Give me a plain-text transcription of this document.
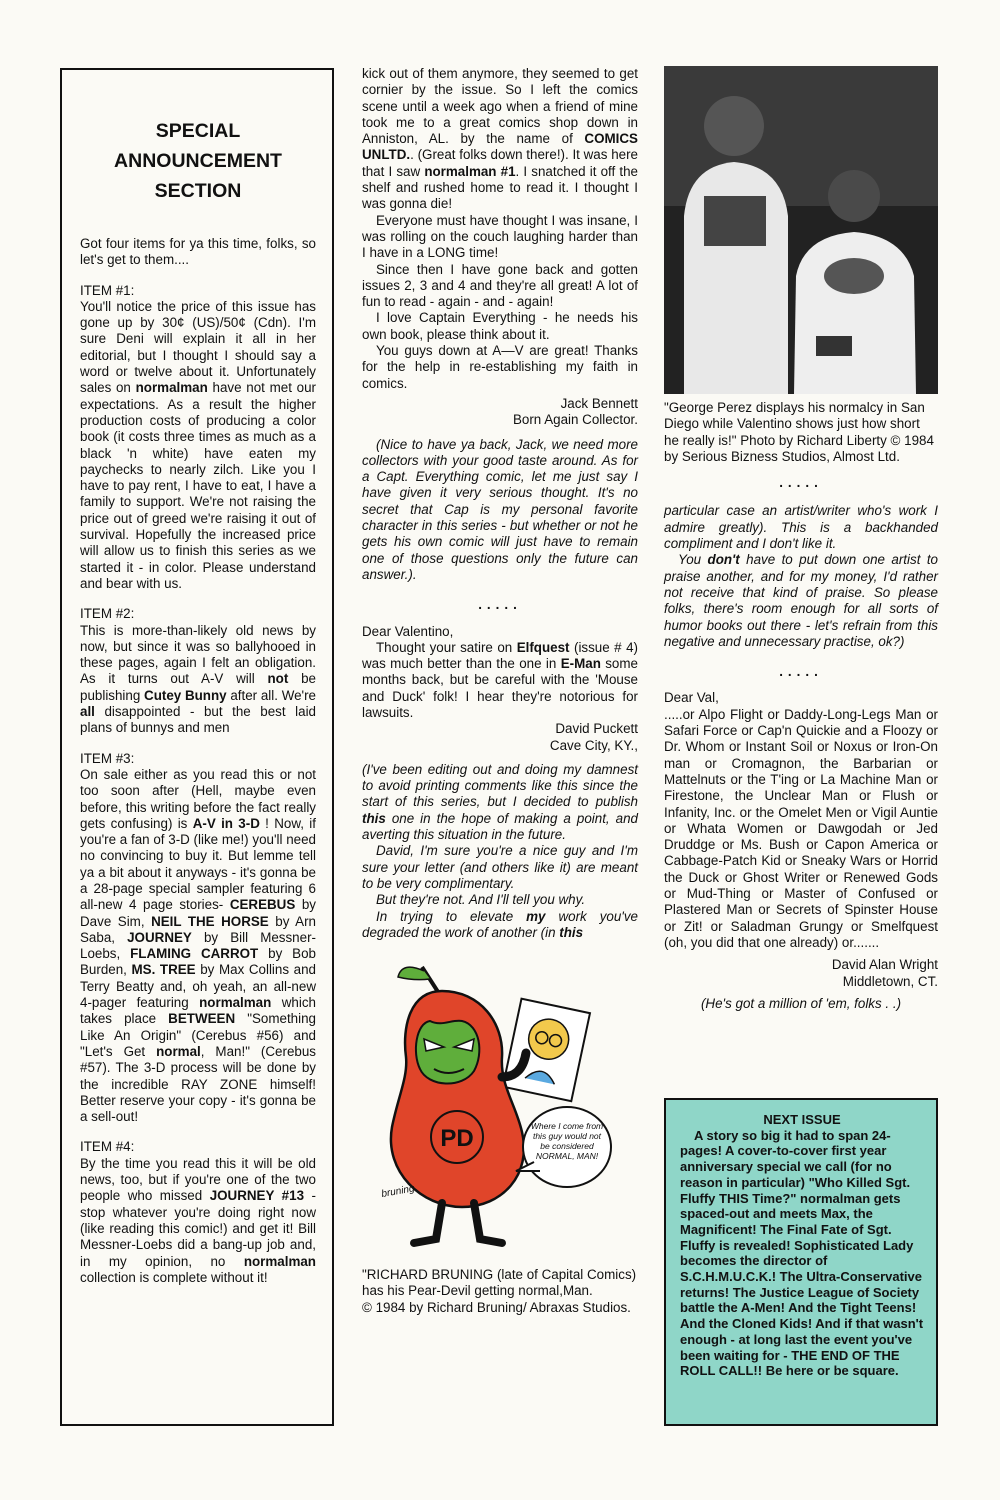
SPECIAL
ANNOUNCEMENT
SECTION

Got four items for ya this time, folks, so let's get to them....

ITEM #1:

You'll notice the price of this issue has gone up by 30¢ (US)/50¢ (Cdn). I'm sure Deni will explain it all in her editorial, but I thought I should say a word or twelve about it. Unfortunately sales on normalman have not met our expectations. As a result the higher production costs of producing a color book (it costs three times as much as a black 'n white) have eaten my paychecks to nearly zilch. Like you I have to pay rent, I have to eat, I have a family to support. We're not raising the price out of greed we're raising it out of survival. Hopefully the increased price will allow us to finish this series as we started it - in color. Please understand and bear with us.

ITEM #2:

This is more-than-likely old news by now, but since it was so ballyhooed in these pages, again I felt an obligation. As it turns out A-V will not be publishing Cutey Bunny after all. We're all disappointed - but the best laid plans of bunnys and men

ITEM #3:

On sale either as you read this or not too soon after (Hell, maybe even before, this writing before the fact really gets confusing) is A-V in 3-D ! Now, if you're a fan of 3-D (like me!) you'll need no convincing to buy it. But lemme tell ya a bit about it anyways - it's gonna be a 28-page special sampler featuring 6 all-new 4 page stories- CEREBUS by Dave Sim, NEIL THE HORSE by Arn Saba, JOURNEY by Bill Messner-Loebs, FLAMING CARROT by Bob Burden, MS. TREE by Max Collins and Terry Beatty and, oh yeah, an all-new 4-pager featuring normalman which takes place BETWEEN "Something Like An Origin" (Cerebus #56) and "Let's Get normal, Man!" (Cerebus #57). The 3-D process will be done by the incredible RAY ZONE himself! Better reserve your copy - it's gonna be a sell-out!

ITEM #4:

By the time you read this it will be old news, too, but if you're one of the two people who missed JOURNEY #13 - stop whatever you're doing right now (like reading this comic!) and get it! Bill Messner-Loebs did a bang-up job and, in my opinion, no normalman collection is complete without it!

kick out of them anymore, they seemed to get cornier by the issue. So I left the comics scene until a week ago when a friend of mine took me to a great comics shop down in Anniston, AL. by the name of COMICS UNLTD.. (Great folks down there!). It was here that I saw normalman #1. I snatched it off the shelf and rushed home to read it. I thought I was gonna die!

Everyone must have thought I was insane, I was rolling on the couch laughing harder than I have in a LONG time!

Since then I have gone back and gotten issues 2, 3 and 4 and they're all great! A lot of fun to read - again - and - again!

I love Captain Everything - he needs his own book, please think about it.

You guys down at A—V are great! Thanks for the help in re-establishing my faith in comics.

Jack Bennett

Born Again Collector.

(Nice to have ya back, Jack, we need more collectors with your good taste around. As for a Capt. Everything comic, let me just say I have given it very serious thought. It's no secret that Cap is my personal favorite character in this series - but whether or not he gets his own comic will just have to remain one of those questions only the future can answer.).

.....

Dear Valentino,

Thought your satire on Elfquest (issue # 4) was much better than the one in E-Man some months back, but be careful with the 'Mouse and Duck' folk! I hear they're notorious for lawsuits.

David Puckett

Cave City, KY.,

(I've been editing out and doing my damnest to avoid printing comments like this since the start of this series, but I decided to publish this one in the hope of making a point, and averting this situation in the future.

David, I'm sure you're a nice guy and I'm sure your letter (and others like it) are meant to be very complimentary.

But they're not. And I'll tell you why.

In trying to elevate my work you've degraded the work of another (in this

PD	Where I come from this guy would not be considered NORMAL, MAN!
bruning

"RICHARD BRUNING (late of Capital Comics) has his Pear-Devil getting normal,Man.

© 1984 by Richard Bruning/ Abraxas Studios.

"George Perez displays his normalcy in San Diego while Valentino shows just how short he really is!" Photo by Richard Liberty © 1984 by Serious Bizness Studios, Almost Ltd.

.....

particular case an artist/writer who's work I admire greatly). This is a backhanded compliment and I don't like it.

You don't have to put down one artist to praise another, and for my money, I'd rather not receive that kind of praise. So please folks, there's room enough for all sorts of humor books out there - let's refrain from this negative and unnecessary practise, ok?)

.....

Dear Val,

.....or Alpo Flight or Daddy-Long-Legs Man or Safari Force or Cap'n Quickie and a Floozy or Dr. Whom or Instant Soil or Noxus or Iron-On man or Cromagnon, the Barbarian or Mattelnuts or the T'ing or La Machine Man or Firestone, the Unclear Man or Flush or Infanity, Inc. or the Omelet Men or Vigil Auntie or Whata Women or Dawgodah or Jed Druddge or Ms. Bush or Capon America or Cabbage-Patch Kid or Sneaky Wars or Horrid the Duck or Ghost Writer or Renewed Gods or Mud-Thing or Master of Confused or Plastered Man or Secrets of Spinster House or Zit! or Saladman Grungy or Smelfquest (oh, you did that one already) or.......

David Alan Wright

Middletown, CT.

(He's got a million of 'em, folks . .)

NEXT ISSUE

A story so big it had to span 24-pages! A cover-to-cover first year anniversary special we call (for no reason in particular) "Who Killed Sgt. Fluffy THIS Time?" normalman gets spaced-out and meets Max, the Magnificent! The Final Fate of Sgt. Fluffy is revealed! Sophisticated Lady becomes the director of S.C.H.M.U.C.K.! The Ultra-Conservative returns! The Justice League of Society battle the A-Men! And the Tight Teens! And the Cloned Kids! And if that wasn't enough - at long last the event you've been waiting for - THE END OF THE ROLL CALL!! Be here or be square.
